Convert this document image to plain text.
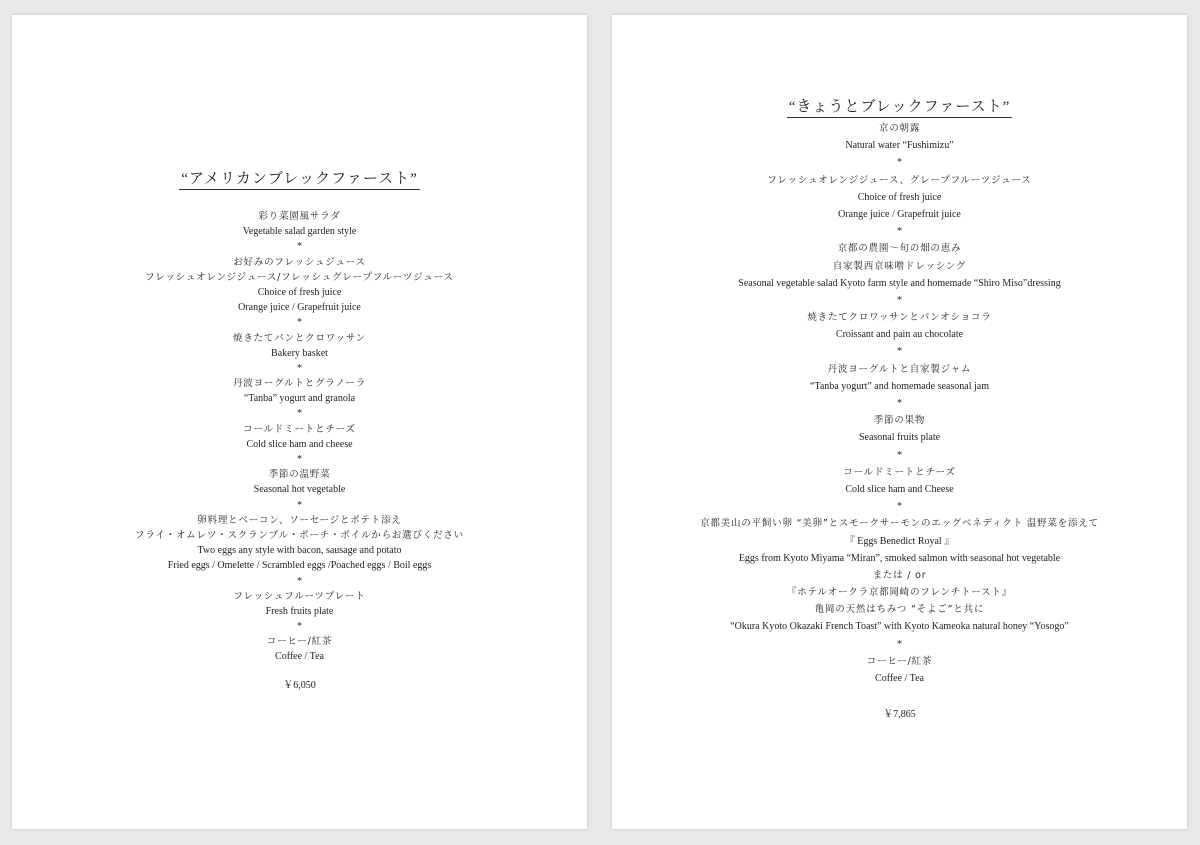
“アメリカンブレックファースト”
彩り菜園風サラダ
Vegetable salad garden style
*
お好みのフレッシュジュース
フレッシュオレンジジュース/フレッシュグレープフルーツジュース
Choice of fresh juice
Orange juice / Grapefruit juice
*
焼きたてパンとクロワッサン
Bakery basket
*
丹波ヨーグルトとグラノーラ
“Tanba” yogurt and granola
*
コールドミートとチーズ
Cold slice ham and cheese
*
季節の温野菜
Seasonal hot vegetable
*
卵料理とベーコン、ソーセージとポテト添え
フライ・オムレツ・スクランブル・ポーチ・ボイルからお選びください
Two eggs any style with bacon, sausage and potato
Fried eggs / Omelette / Scrambled eggs /Poached eggs / Boil eggs
*
フレッシュフルーツプレート
Fresh fruits plate
*
コーヒー/紅茶
Coffee / Tea
￥6,050
“きょうとブレックファースト”
京の朝露
Natural water “Fushimizu”
*
フレッシュオレンジジュース、グレープフルーツジュース
Choice of fresh juice
Orange juice / Grapefruit juice
*
京都の農園〜旬の畑の恵み
自家製西京味噌ドレッシング
Seasonal vegetable salad Kyoto farm style and homemade “Shiro Miso”dressing
*
焼きたてクロワッサンとパンオショコラ
Croissant and pain au chocolate
*
丹波ヨーグルトと自家製ジャム
“Tanba yogurt” and homemade seasonal jam
*
季節の果物
Seasonal fruits plate
*
コールドミートとチーズ
Cold slice ham and Cheese
*
京都美山の平飼い卵 “美卵”とスモークサーモンのエッグベネディクト 温野菜を添えて
『 Eggs Benedict Royal 』
Eggs from Kyoto Miyama “Miran”, smoked salmon with seasonal hot vegetable
または / or
『ホテルオークラ京都岡崎のフレンチトースト』
亀岡の天然はちみつ “そよご”と共に
“Okura Kyoto Okazaki French Toast” with Kyoto Kameoka natural honey “Yosogo”
*
コーヒー/紅茶
Coffee / Tea
￥7,865
